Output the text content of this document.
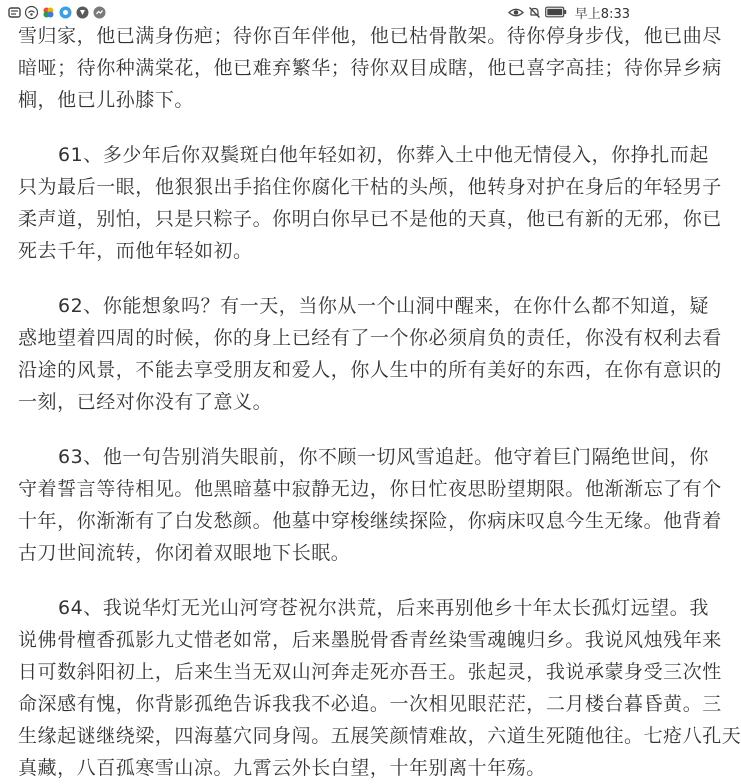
早上8:33
雪归家，他已满身伤疤；待你百年伴他，他已枯骨散架。待你停身步伐，他已曲尽
暗哑；待你种满棠花，他已难弃繁华；待你双目成瞎，他已喜字高挂；待你异乡病
榈，他已儿孙膝下。
61、多少年后你双鬓斑白他年轻如初，你葬入土中他无情侵入，你挣扎而起
只为最后一眼，他狠狠出手掐住你腐化干枯的头颅，他转身对护在身后的年轻男子
柔声道，别怕，只是只粽子。你明白你早已不是他的天真，他已有新的无邪，你已
死去千年，而他年轻如初。
62、你能想象吗？有一天，当你从一个山洞中醒来，在你什么都不知道，疑
惑地望着四周的时候，你的身上已经有了一个你必须肩负的责任，你没有权利去看
沿途的风景，不能去享受朋友和爱人，你人生中的所有美好的东西，在你有意识的
一刻，已经对你没有了意义。
63、他一句告别消失眼前，你不顾一切风雪追赶。他守着巨门隔绝世间，你
守着誓言等待相见。他黑暗墓中寂静无边，你日忙夜思盼望期限。他渐渐忘了有个
十年，你渐渐有了白发愁颜。他墓中穿梭继续探险，你病床叹息今生无缘。他背着
古刀世间流转，你闭着双眼地下长眠。
64、我说华灯无光山河穹苍祝尔洪荒，后来再别他乡十年太长孤灯远望。我
说佛骨檀香孤影九丈惜老如常，后来墨脱骨香青丝染雪魂魄归乡。我说风烛残年来
日可数斜阳初上，后来生当无双山河奔走死亦吾王。张起灵，我说承蒙身受三次性
命深感有愧，你背影孤绝告诉我我不必追。一次相见眼茫茫，二月楼台暮昏黄。三
生缘起谜继绕梁，四海墓穴同身闯。五展笑颜情难故，六道生死随他往。七疮八孔天
真藏，八百孤寒雪山凉。九霄云外长白望，十年别离十年殇。
